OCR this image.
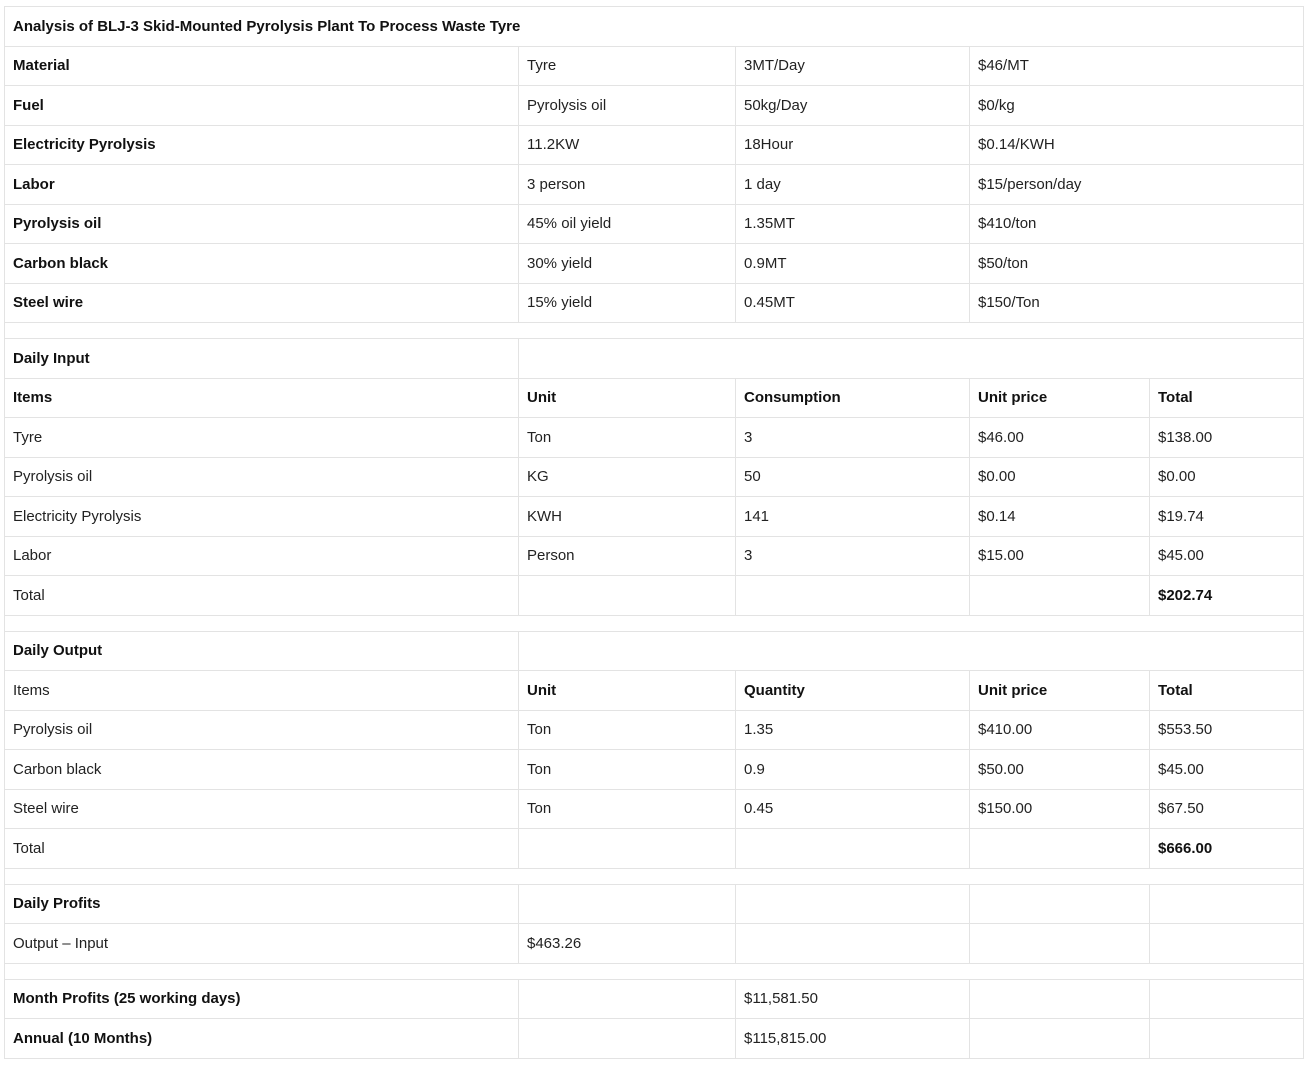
Analysis of BLJ-3 Skid-Mounted Pyrolysis Plant To Process Waste Tyre				
Material	Tyre	3MT/Day	$46/MT	
Fuel	Pyrolysis oil	50kg/Day	$0/kg	
Electricity Pyrolysis	11.2KW	18Hour	$0.14/KWH	
Labor	3 person	1 day	$15/person/day	
Pyrolysis oil	45% oil yield	1.35MT	$410/ton	
Carbon black	30% yield	0.9MT	$50/ton	
Steel wire	15% yield	0.45MT	$150/Ton	

Daily Input				
Items	Unit	Consumption	Unit price	Total
Tyre	Ton	3	$46.00	$138.00
Pyrolysis oil	KG	50	$0.00	$0.00
Electricity Pyrolysis	KWH	141	$0.14	$19.74
Labor	Person	3	$15.00	$45.00
Total				$202.74

Daily Output				
Items	Unit	Quantity	Unit price	Total
Pyrolysis oil	Ton	1.35	$410.00	$553.50
Carbon black	Ton	0.9	$50.00	$45.00
Steel wire	Ton	0.45	$150.00	$67.50
Total				$666.00

Daily Profits				
Output – Input	$463.26			

Month Profits (25 working days)		$11,581.50		
Annual (10 Months)		$115,815.00		
